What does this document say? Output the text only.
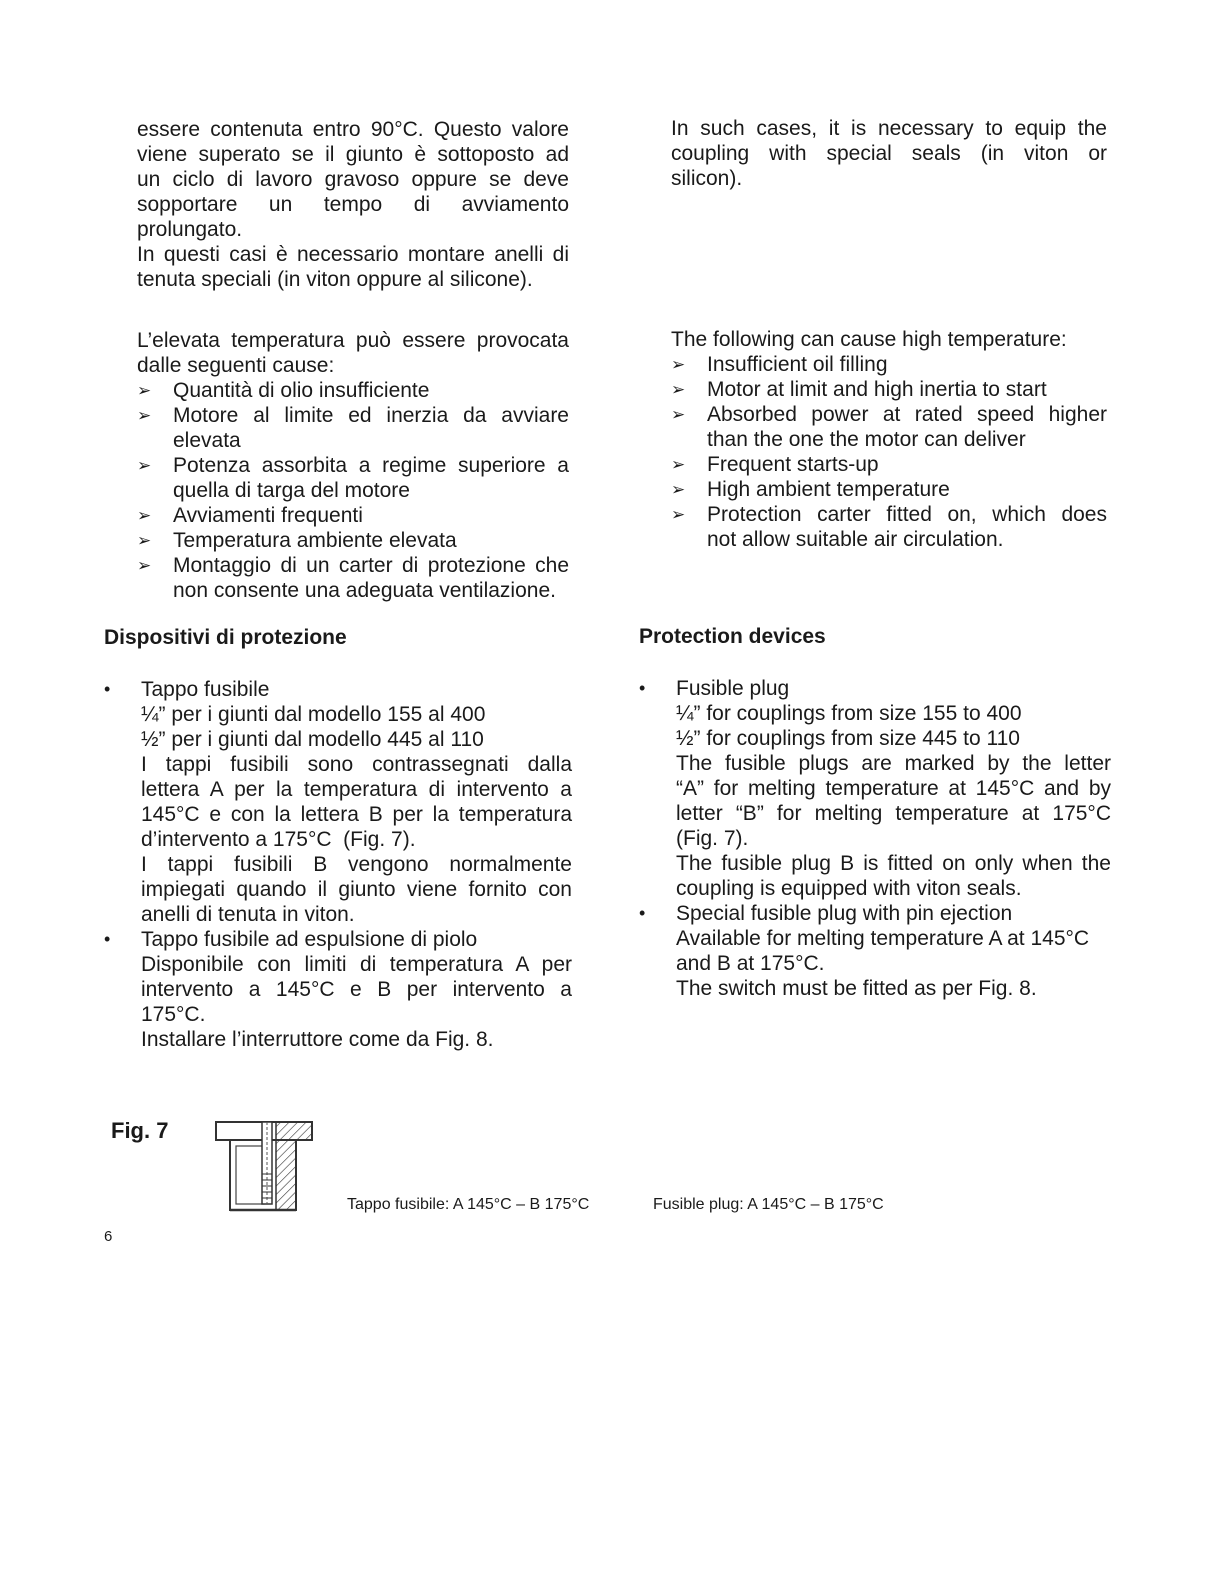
essere contenuta entro 90°C. Questo valore

viene superato se il giunto è sottoposto ad

un ciclo di lavoro gravoso oppure se deve

sopportare   un   tempo   di   avviamento

prolungato.

In questi casi è necessario montare anelli di

tenuta speciali (in viton oppure al silicone).

L’elevata temperatura può essere provocata

dalle seguenti cause:

➢ Quantità di olio insufficiente

➢ Motore al limite ed inerzia da avviare

elevata

➢ Potenza assorbita a regime superiore a

quella di targa del motore

➢ Avviamenti frequenti

➢ Temperatura ambiente elevata

➢ Montaggio di un carter di protezione che

non consente una adeguata ventilazione.

Dispositivi di protezione
• Tappo fusibile

¼” per i giunti dal modello 155 al 400

½” per i giunti dal modello 445 al 110

I tappi fusibili sono contrassegnati dalla

lettera A per la temperatura di intervento a

145°C e con la lettera B per la temperatura

d’intervento a 175°C  (Fig. 7).

I tappi fusibili B vengono normalmente

impiegati quando il giunto viene fornito con

anelli di tenuta in viton.

• Tappo fusibile ad espulsione di piolo

Disponibile con limiti di temperatura A per

intervento a 145°C e B per intervento a

175°C.

Installare l’interruttore come da Fig. 8.

In such cases, it is necessary to equip the

coupling with special seals (in viton or

silicon).

The following can cause high temperature:

➢ Insufficient oil filling

➢ Motor at limit and high inertia to start

➢ Absorbed power at rated speed higher

than the one the motor can deliver

➢ Frequent starts-up

➢ High ambient temperature

➢ Protection carter fitted on, which does

not allow suitable air circulation.

Protection devices
• Fusible plug

¼” for couplings from size 155 to 400

½” for couplings from size 445 to 110

The fusible plugs are marked by the letter

“A” for melting temperature at 145°C and by

letter “B” for melting temperature at 175°C

(Fig. 7).

The fusible plug B is fitted on only when the

coupling is equipped with viton seals.

• Special fusible plug with pin ejection

Available for melting temperature A at 145°C

and B at 175°C.

The switch must be fitted as per Fig. 8.

Fig. 7
Tappo fusibile: A 145°C – B 175°C	Fusible plug: A 145°C – B 175°C
6
